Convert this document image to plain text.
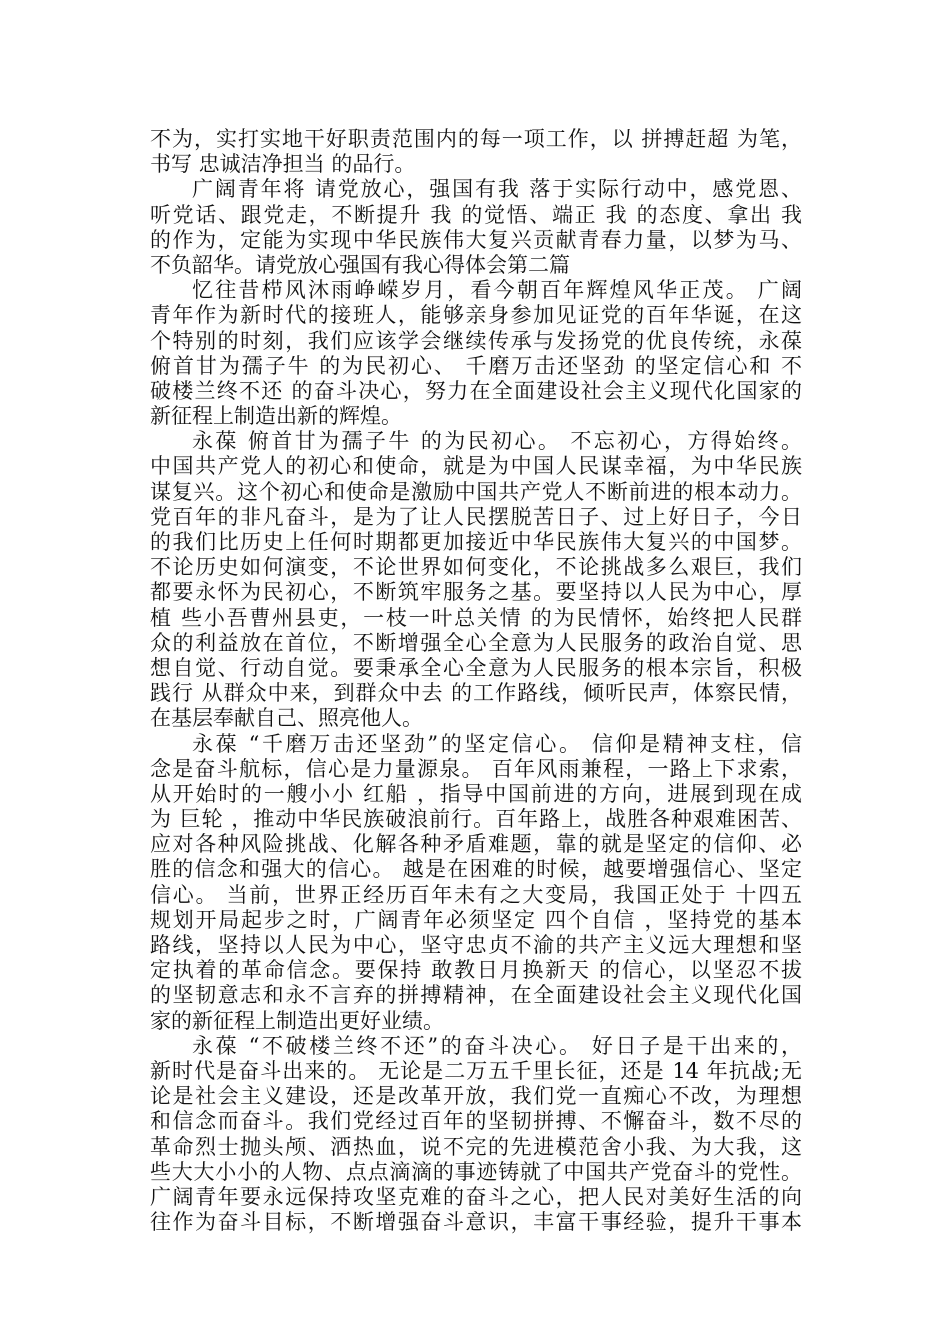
不为，实打实地干好职责范围内的每一项工作，以 拼搏赶超 为笔，
书写 忠诚洁净担当 的品行。
广阔青年将 请党放心，强国有我 落于实际行动中，感党恩、
听党话、跟党走，不断提升 我 的觉悟、端正 我 的态度、拿出 我
的作为，定能为实现中华民族伟大复兴贡献青春力量，以梦为马、
不负韶华。请党放心强国有我心得体会第二篇
忆往昔栉风沐雨峥嵘岁月，看今朝百年辉煌风华正茂。 广阔
青年作为新时代的接班人，能够亲身参加见证党的百年华诞，在这
个特别的时刻，我们应该学会继续传承与发扬党的优良传统，永葆
俯首甘为孺子牛 的为民初心、 千磨万击还坚劲 的坚定信心和 不
破楼兰终不还 的奋斗决心，努力在全面建设社会主义现代化国家的
新征程上制造出新的辉煌。
永葆 俯首甘为孺子牛 的为民初心。 不忘初心，方得始终。
中国共产党人的初心和使命，就是为中国人民谋幸福，为中华民族
谋复兴。这个初心和使命是激励中国共产党人不断前进的根本动力。
党百年的非凡奋斗，是为了让人民摆脱苦日子、过上好日子，今日
的我们比历史上任何时期都更加接近中华民族伟大复兴的中国梦。
不论历史如何演变，不论世界如何变化，不论挑战多么艰巨，我们
都要永怀为民初心，不断筑牢服务之基。要坚持以人民为中心，厚
植 些小吾曹州县吏，一枝一叶总关情 的为民情怀，始终把人民群
众的利益放在首位，不断增强全心全意为人民服务的政治自觉、思
想自觉、行动自觉。要秉承全心全意为人民服务的根本宗旨，积极
践行 从群众中来，到群众中去 的工作路线，倾听民声，体察民情，
在基层奉献自己、照亮他人。
永葆 “千磨万击还坚劲”的坚定信心。 信仰是精神支柱，信
念是奋斗航标，信心是力量源泉。 百年风雨兼程，一路上下求索，
从开始时的一艘小小 红船 ，指导中国前进的方向，进展到现在成
为 巨轮 ，推动中华民族破浪前行。百年路上，战胜各种艰难困苦、
应对各种风险挑战、化解各种矛盾难题，靠的就是坚定的信仰、必
胜的信念和强大的信心。 越是在困难的时候，越要增强信心、坚定
信心。 当前，世界正经历百年未有之大变局，我国正处于 十四五
规划开局起步之时，广阔青年必须坚定 四个自信 ，坚持党的基本
路线，坚持以人民为中心，坚守忠贞不渝的共产主义远大理想和坚
定执着的革命信念。要保持 敢教日月换新天 的信心，以坚忍不拔
的坚韧意志和永不言弃的拼搏精神，在全面建设社会主义现代化国
家的新征程上制造出更好业绩。
永葆 “不破楼兰终不还”的奋斗决心。 好日子是干出来的，
新时代是奋斗出来的。 无论是二万五千里长征，还是 14 年抗战;无
论是社会主义建设，还是改革开放，我们党一直痴心不改，为理想
和信念而奋斗。我们党经过百年的坚韧拼搏、不懈奋斗，数不尽的
革命烈士抛头颅、洒热血，说不完的先进模范舍小我、为大我，这
些大大小小的人物、点点滴滴的事迹铸就了中国共产党奋斗的党性。
广阔青年要永远保持攻坚克难的奋斗之心，把人民对美好生活的向
往作为奋斗目标，不断增强奋斗意识，丰富干事经验，提升干事本
